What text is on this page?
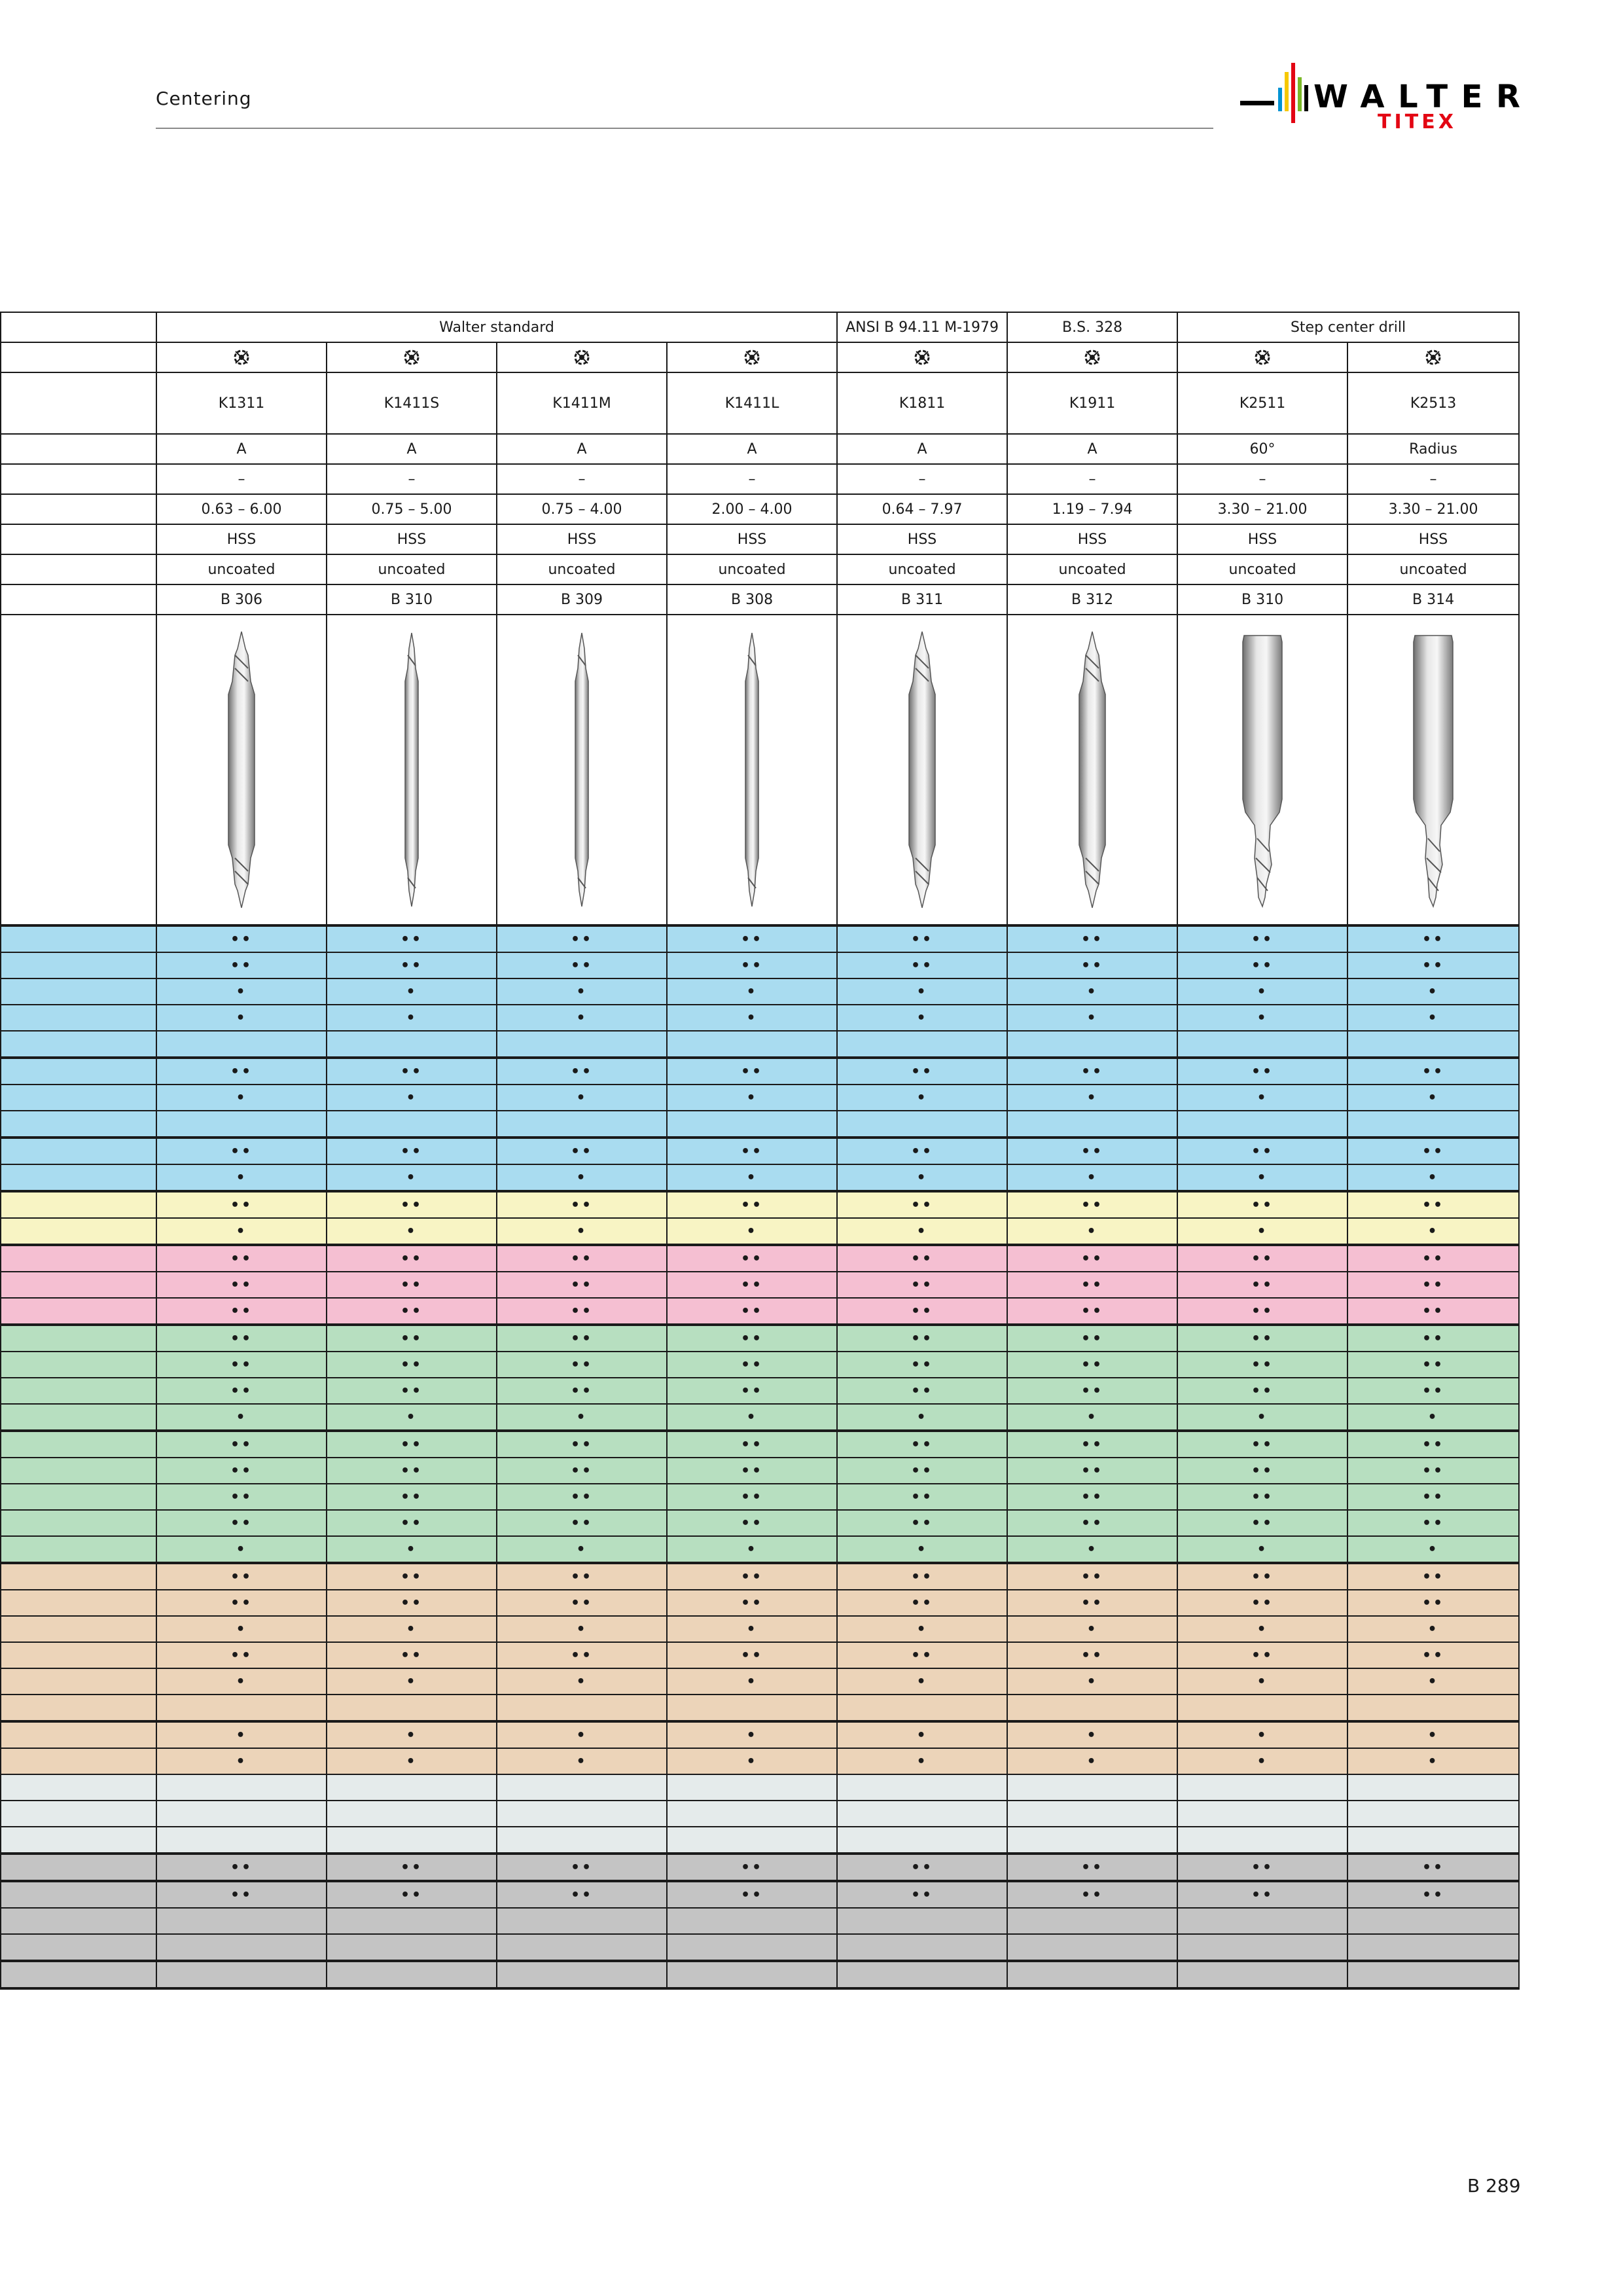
Centering	WALTER
TITEX
	Walter standard				ANSI B 94.11 M-1979	B.S. 328	Step center drill	

	K1311	K1411S	K1411M	K1411L	K1811	K1911	K2511	K2513
	A	A	A	A	A	A	60°	Radius
	–	–	–	–	–	–	–	–
	0.63 – 6.00	0.75 – 5.00	0.75 – 4.00	2.00 – 4.00	0.64 – 7.97	1.19 – 7.94	3.30 – 21.00	3.30 – 21.00
	HSS	HSS	HSS	HSS	HSS	HSS	HSS	HSS
	uncoated	uncoated	uncoated	uncoated	uncoated	uncoated	uncoated	uncoated
	B 306	B 310	B 309	B 308	B 311	B 312	B 310	B 314

	••	••	••	••	••	••	••	••
	••	••	••	••	••	••	••	••
	•	•	•	•	•	•	•	•
	•	•	•	•	•	•	•	•

	••	••	••	••	••	••	••	••
	•	•	•	•	•	•	•	•

	••	••	••	••	••	••	••	••
	•	•	•	•	•	•	•	•
	••	••	••	••	••	••	••	••
	•	•	•	•	•	•	•	•
	••	••	••	••	••	••	••	••
	••	••	••	••	••	••	••	••
	••	••	••	••	••	••	••	••
	••	••	••	••	••	••	••	••
	••	••	••	••	••	••	••	••
	••	••	••	••	••	••	••	••
	•	•	•	•	•	•	•	•
	••	••	••	••	••	••	••	••
	••	••	••	••	••	••	••	••
	••	••	••	••	••	••	••	••
	••	••	••	••	••	••	••	••
	•	•	•	•	•	•	•	•
	••	••	••	••	••	••	••	••
	••	••	••	••	••	••	••	••
	•	•	•	•	•	•	•	•
	••	••	••	••	••	••	••	••
	•	•	•	•	•	•	•	•

	•	•	•	•	•	•	•	•
	•	•	•	•	•	•	•	•

	••	••	••	••	••	••	••	••
	••	••	••	••	••	••	••	••

B 289
